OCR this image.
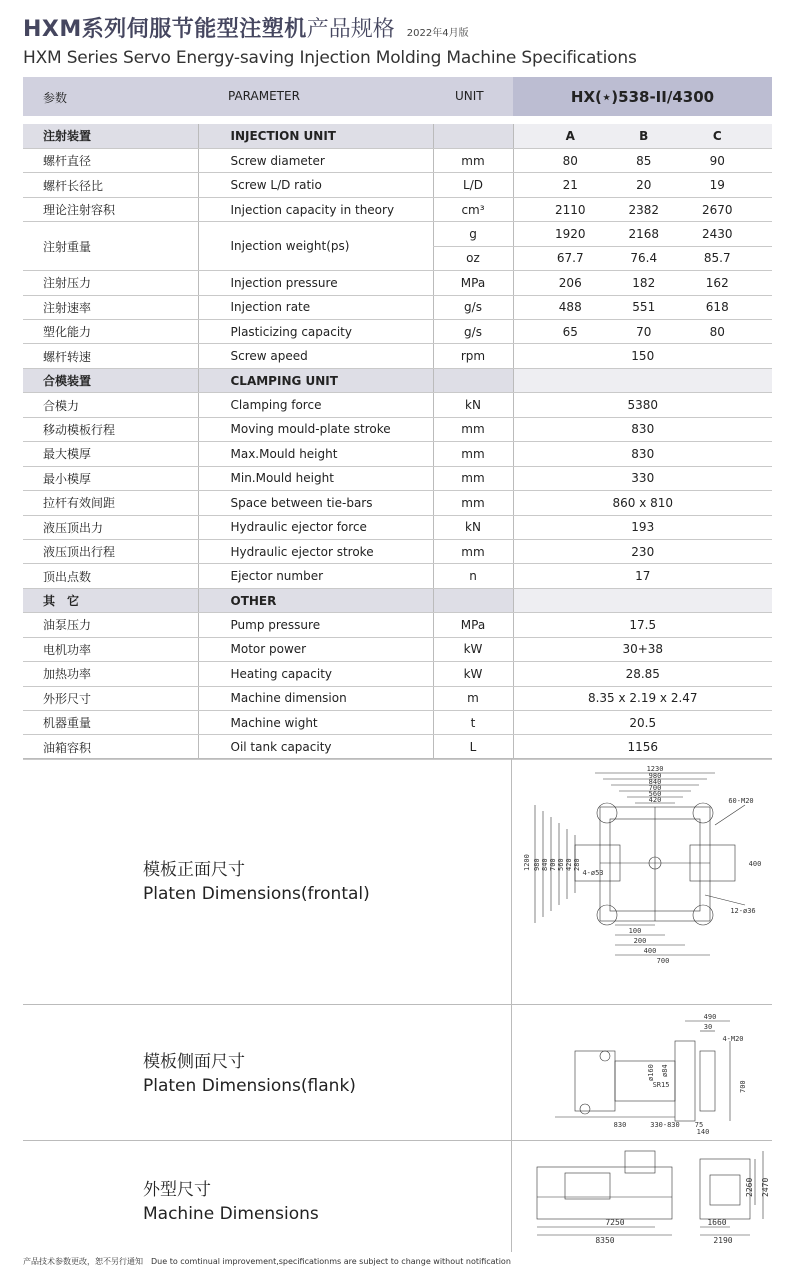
HXM系列伺服节能型注塑机 产品规格 2022年4月版
HXM Series Servo Energy-saving Injection Molding Machine Specifications
参数	PARAMETER	UNIT	HX(⋆)538-II/4300
注射装置	INJECTION UNIT			A B C

螺杆直径	Screw diameter	mm		80 85 90

螺杆长径比	Screw L/D ratio	L/D		21 20 19

理论注射容积	Injection capacity in theory	cm³		2110 2382 2670

注射重量	Injection weight(ps)	g		1920 2168 2430

		oz		67.7 76.4 85.7

注射压力	Injection pressure	MPa		206 182 162

注射速率	Injection rate	g/s		488 551 618

塑化能力	Plasticizing capacity	g/s		65 70 80

螺杆转速	Screw apeed	rpm		150
合模装置	CLAMPING UNIT			
合模力	Clamping force	kN		5380
移动模板行程	Moving mould-plate stroke	mm		830
最大模厚	Max.Mould height	mm		830
最小模厚	Min.Mould height	mm		330
拉杆有效间距	Space between tie-bars	mm		860 x 810
液压顶出力	Hydraulic ejector force	kN		193
液压顶出行程	Hydraulic ejector stroke	mm		230
顶出点数	Ejector number	n		17
其　它	OTHER			
油泵压力	Pump pressure	MPa		17.5
电机功率	Motor power	kW		30+38
加热功率	Heating capacity	kW		28.85
外形尺寸	Machine dimension	m		8.35 x 2.19 x 2.47
机器重量	Machine wight	t		20.5
油箱容积	Oil tank capacity	L		1156
模板正面尺寸
Platen Dimensions(frontal)
1230
980
840
700
560
420
100
200
400
700
400
60-M20
12-ø36
4-ø53
1200 980 840 700 560 420 280
模板侧面尺寸
Platen Dimensions(flank)
490
30
4-M20
SR15
830	330-830 75
140
700
ø84
ø160
外型尺寸
Machine Dimensions	7250
8350
1660
2190
2260 2470
产品技术参数更改，恕不另行通知　Due to comtinual improvement,specificationms are subject to change without notification
